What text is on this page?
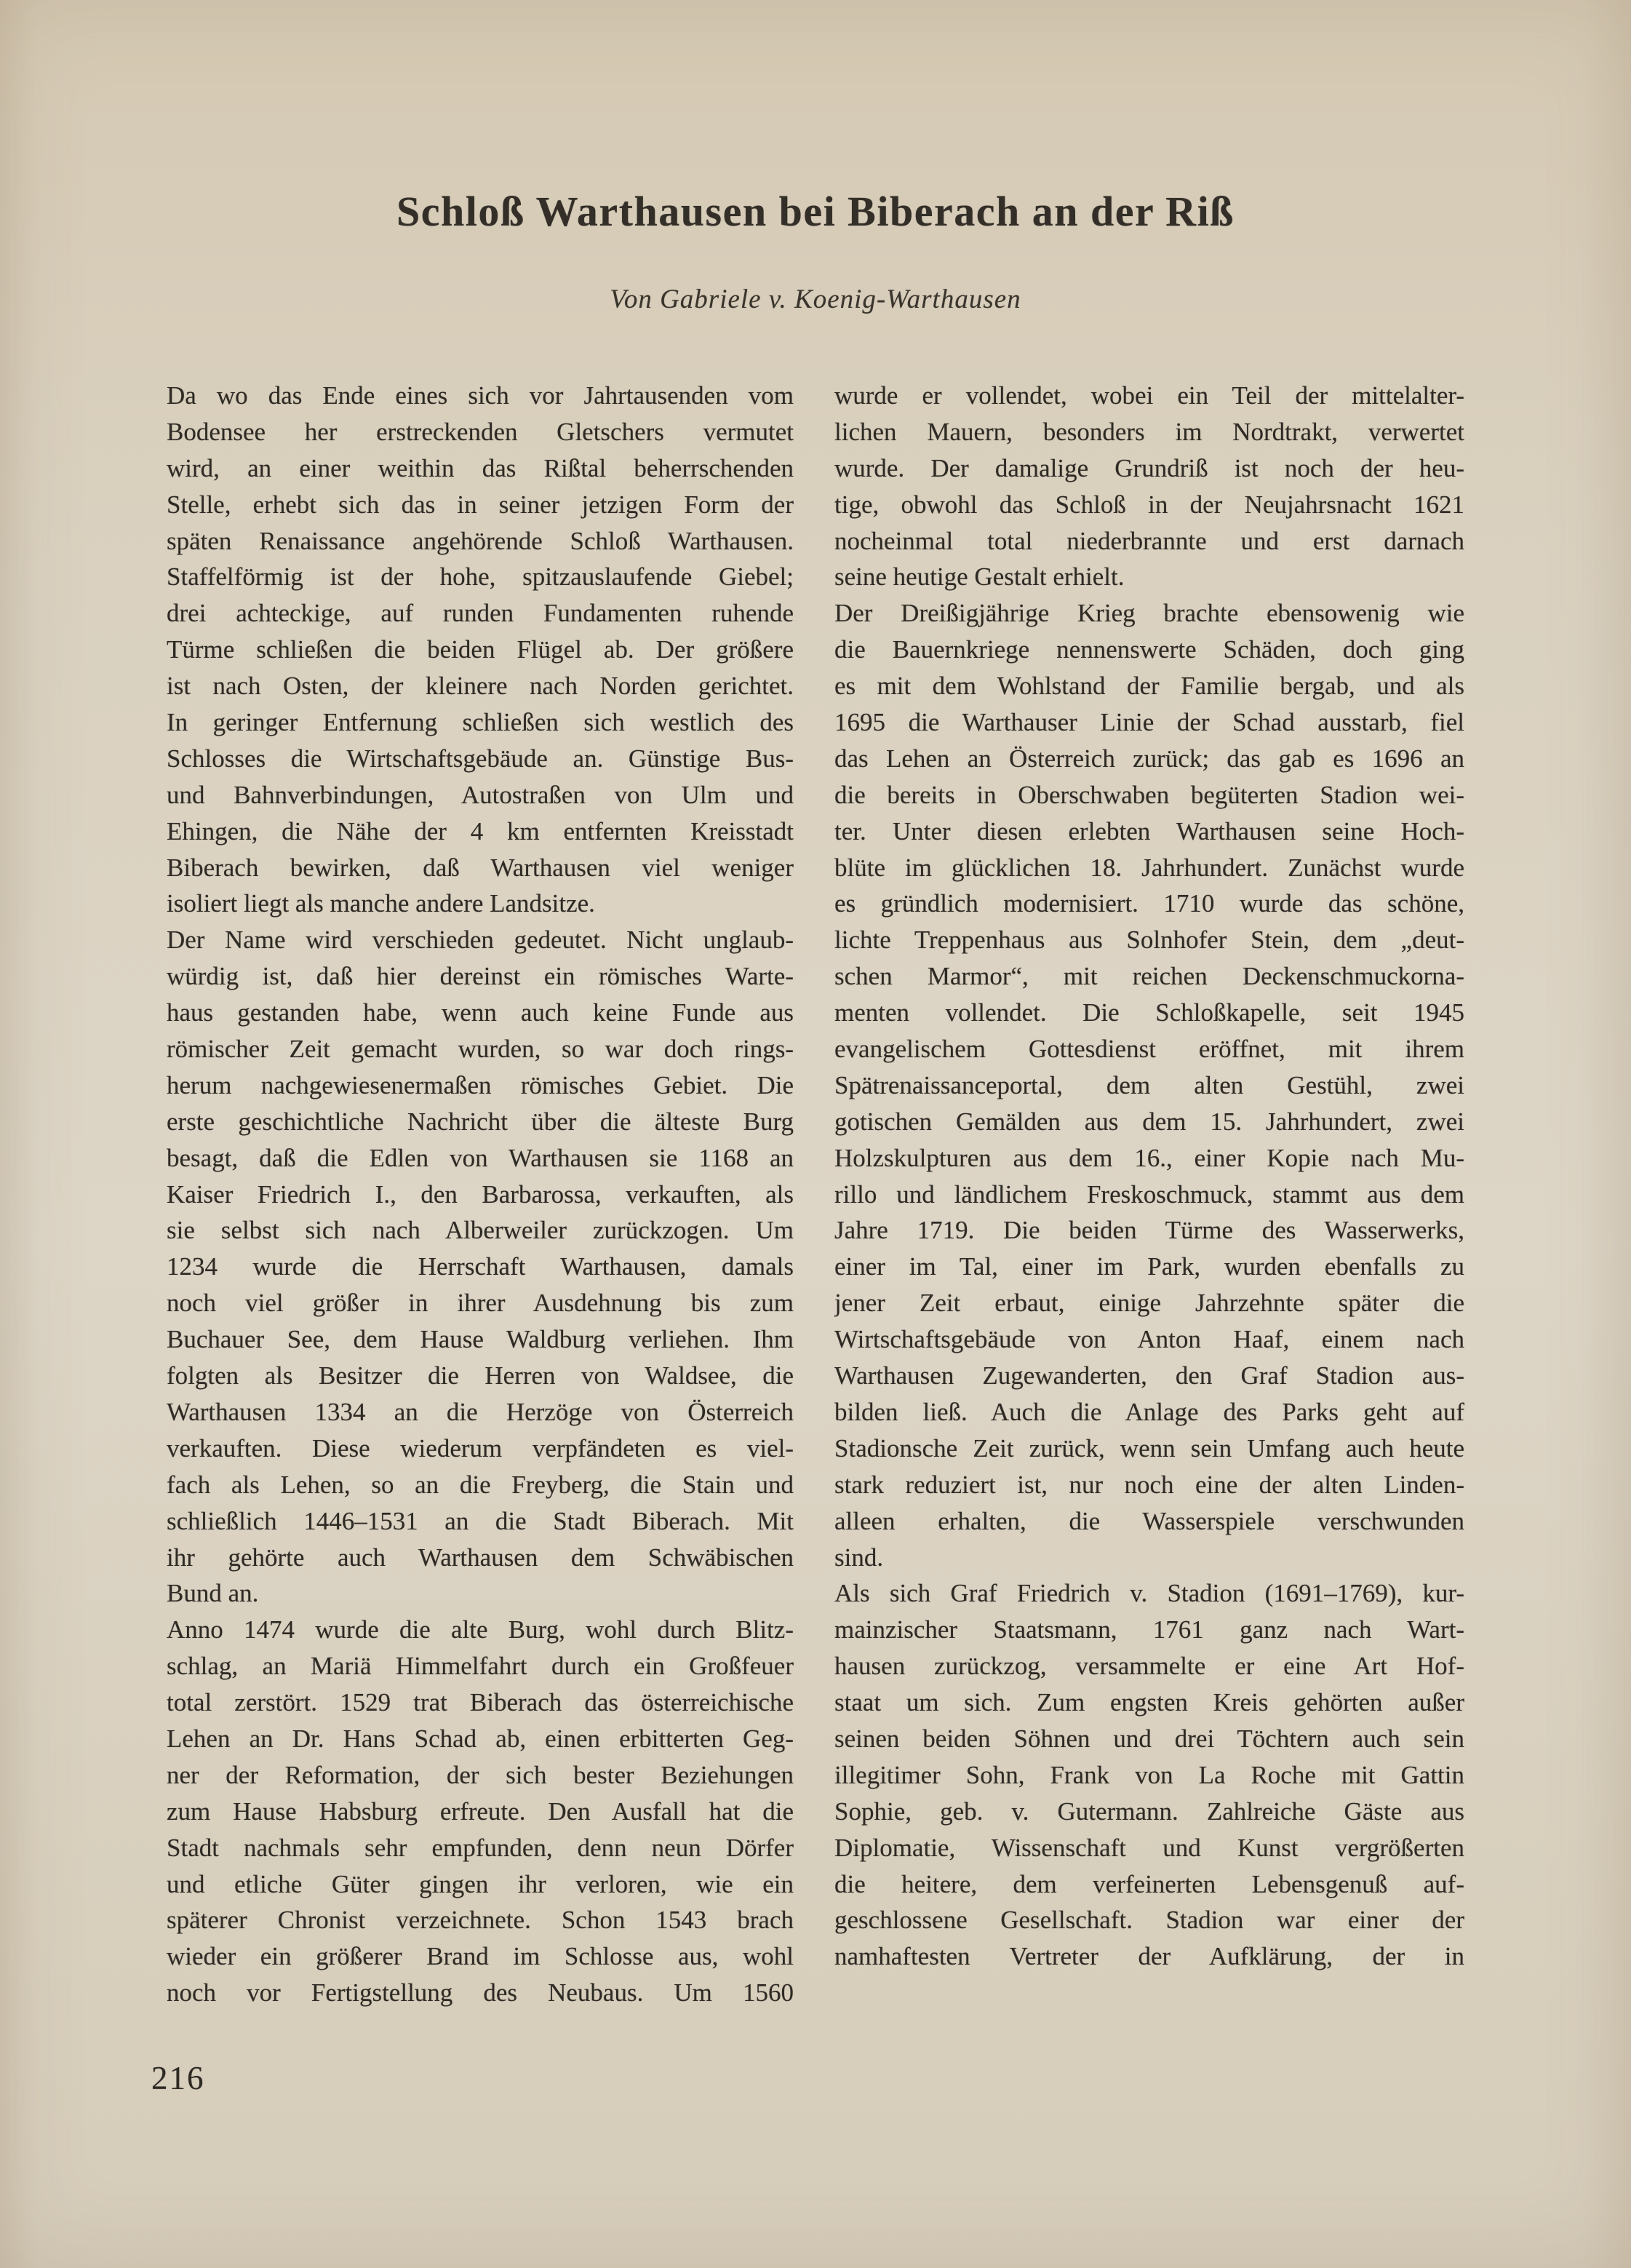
Schloß Warthausen bei Biberach an der Riß
Von Gabriele v. Koenig-Warthausen
Da wo das Ende eines sich vor Jahrtausenden vom
Bodensee her erstreckenden Gletschers vermutet
wird, an einer weithin das Rißtal beherrschenden
Stelle, erhebt sich das in seiner jetzigen Form der
späten Renaissance angehörende Schloß Warthausen.
Staffelförmig ist der hohe, spitzauslaufende Giebel;
drei achteckige, auf runden Fundamenten ruhende
Türme schließen die beiden Flügel ab. Der größere
ist nach Osten, der kleinere nach Norden gerichtet.
In geringer Entfernung schließen sich westlich des
Schlosses die Wirtschaftsgebäude an. Günstige Bus-
und Bahnverbindungen, Autostraßen von Ulm und
Ehingen, die Nähe der 4 km entfernten Kreisstadt
Biberach bewirken, daß Warthausen viel weniger
isoliert liegt als manche andere Landsitze.
Der Name wird verschieden gedeutet. Nicht unglaub-
würdig ist, daß hier dereinst ein römisches Warte-
haus gestanden habe, wenn auch keine Funde aus
römischer Zeit gemacht wurden, so war doch rings-
herum nachgewiesenermaßen römisches Gebiet. Die
erste geschichtliche Nachricht über die älteste Burg
besagt, daß die Edlen von Warthausen sie 1168 an
Kaiser Friedrich I., den Barbarossa, verkauften, als
sie selbst sich nach Alberweiler zurückzogen. Um
1234 wurde die Herrschaft Warthausen, damals
noch viel größer in ihrer Ausdehnung bis zum
Buchauer See, dem Hause Waldburg verliehen. Ihm
folgten als Besitzer die Herren von Waldsee, die
Warthausen 1334 an die Herzöge von Österreich
verkauften. Diese wiederum verpfändeten es viel-
fach als Lehen, so an die Freyberg, die Stain und
schließlich 1446–1531 an die Stadt Biberach. Mit
ihr gehörte auch Warthausen dem Schwäbischen
Bund an.
Anno 1474 wurde die alte Burg, wohl durch Blitz-
schlag, an Mariä Himmelfahrt durch ein Großfeuer
total zerstört. 1529 trat Biberach das österreichische
Lehen an Dr. Hans Schad ab, einen erbitterten Geg-
ner der Reformation, der sich bester Beziehungen
zum Hause Habsburg erfreute. Den Ausfall hat die
Stadt nachmals sehr empfunden, denn neun Dörfer
und etliche Güter gingen ihr verloren, wie ein
späterer Chronist verzeichnete. Schon 1543 brach
wieder ein größerer Brand im Schlosse aus, wohl
noch vor Fertigstellung des Neubaus. Um 1560
wurde er vollendet, wobei ein Teil der mittelalter-
lichen Mauern, besonders im Nordtrakt, verwertet
wurde. Der damalige Grundriß ist noch der heu-
tige, obwohl das Schloß in der Neujahrsnacht 1621
nocheinmal total niederbrannte und erst darnach
seine heutige Gestalt erhielt.
Der Dreißigjährige Krieg brachte ebensowenig wie
die Bauernkriege nennenswerte Schäden, doch ging
es mit dem Wohlstand der Familie bergab, und als
1695 die Warthauser Linie der Schad ausstarb, fiel
das Lehen an Österreich zurück; das gab es 1696 an
die bereits in Oberschwaben begüterten Stadion wei-
ter. Unter diesen erlebten Warthausen seine Hoch-
blüte im glücklichen 18. Jahrhundert. Zunächst wurde
es gründlich modernisiert. 1710 wurde das schöne,
lichte Treppenhaus aus Solnhofer Stein, dem „deut-
schen Marmor“, mit reichen Deckenschmuckorna-
menten vollendet. Die Schloßkapelle, seit 1945
evangelischem Gottesdienst eröffnet, mit ihrem
Spätrenaissanceportal, dem alten Gestühl, zwei
gotischen Gemälden aus dem 15. Jahrhundert, zwei
Holzskulpturen aus dem 16., einer Kopie nach Mu-
rillo und ländlichem Freskoschmuck, stammt aus dem
Jahre 1719. Die beiden Türme des Wasserwerks,
einer im Tal, einer im Park, wurden ebenfalls zu
jener Zeit erbaut, einige Jahrzehnte später die
Wirtschaftsgebäude von Anton Haaf, einem nach
Warthausen Zugewanderten, den Graf Stadion aus-
bilden ließ. Auch die Anlage des Parks geht auf
Stadionsche Zeit zurück, wenn sein Umfang auch heute
stark reduziert ist, nur noch eine der alten Linden-
alleen erhalten, die Wasserspiele verschwunden
sind.
Als sich Graf Friedrich v. Stadion (1691–1769), kur-
mainzischer Staatsmann, 1761 ganz nach Wart-
hausen zurückzog, versammelte er eine Art Hof-
staat um sich. Zum engsten Kreis gehörten außer
seinen beiden Söhnen und drei Töchtern auch sein
illegitimer Sohn, Frank von La Roche mit Gattin
Sophie, geb. v. Gutermann. Zahlreiche Gäste aus
Diplomatie, Wissenschaft und Kunst vergrößerten
die heitere, dem verfeinerten Lebensgenuß auf-
geschlossene Gesellschaft. Stadion war einer der
namhaftesten Vertreter der Aufklärung, der in
216
